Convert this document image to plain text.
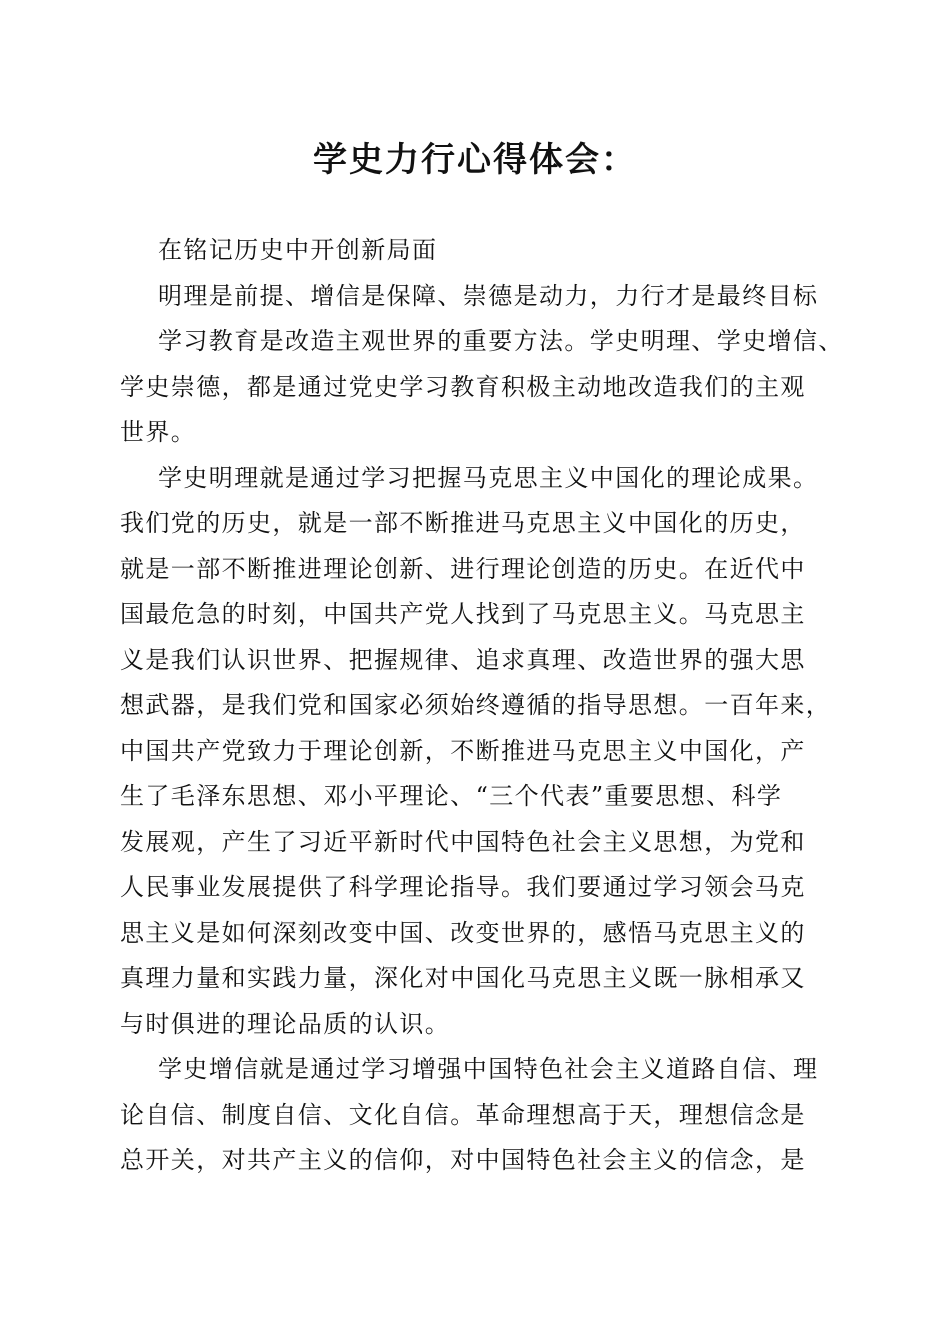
学史力行心得体会：
在铭记历史中开创新局面
明理是前提、增信是保障、崇德是动力，力行才是最终目标
学习教育是改造主观世界的重要方法。学史明理、学史增信、
学史崇德，都是通过党史学习教育积极主动地改造我们的主观
世界。
学史明理就是通过学习把握马克思主义中国化的理论成果。
我们党的历史，就是一部不断推进马克思主义中国化的历史，
就是一部不断推进理论创新、进行理论创造的历史。在近代中
国最危急的时刻，中国共产党人找到了马克思主义。马克思主
义是我们认识世界、把握规律、追求真理、改造世界的强大思
想武器，是我们党和国家必须始终遵循的指导思想。一百年来，
中国共产党致力于理论创新，不断推进马克思主义中国化，产
生了毛泽东思想、邓小平理论、“三个代表”重要思想、科学
发展观，产生了习近平新时代中国特色社会主义思想，为党和
人民事业发展提供了科学理论指导。我们要通过学习领会马克
思主义是如何深刻改变中国、改变世界的，感悟马克思主义的
真理力量和实践力量，深化对中国化马克思主义既一脉相承又
与时俱进的理论品质的认识。
学史增信就是通过学习增强中国特色社会主义道路自信、理
论自信、制度自信、文化自信。革命理想高于天，理想信念是
总开关，对共产主义的信仰，对中国特色社会主义的信念，是
